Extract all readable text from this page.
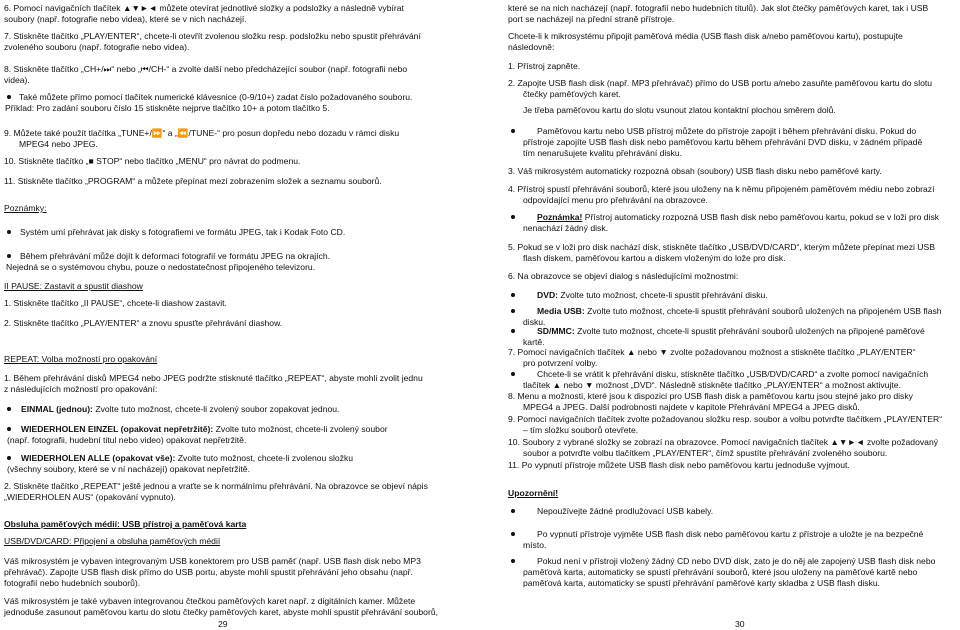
6. Pomocí navigačních tlačítek ▲▼►◄ můžete otevírat jednotlivé složky a podsložky a následně vybírat
soubory (např. fotografie nebo videa), které se v nich nacházejí.
7. Stiskněte tlačítko „PLAY/ENTER“, chcete-li otevřít zvolenou složku resp. podsložku nebo spustit přehrávání
zvoleného souboru (např. fotografie nebo videa).
8. Stiskněte tlačítko „CH+/⏭“ nebo „⏮/CH-“ a zvolte další nebo předcházející soubor (např. fotografii nebo
videa).
Také můžete přímo pomocí tlačítek numerické klávesnice (0-9/10+) zadat číslo požadovaného souboru.
Příklad: Pro zadání souboru číslo 15 stiskněte nejprve tlačítko 10+ a potom tlačítko 5.
9. Můžete také použít tlačítka „TUNE+/⏩“ a „⏪/TUNE-“ pro posun dopředu nebo dozadu v rámci disku
MPEG4 nebo JPEG.
10. Stiskněte tlačítko „■ STOP“ nebo tlačítko „MENU“ pro návrat do podmenu.
11. Stiskněte tlačítko „PROGRAM“ a můžete přepínat mezi zobrazením složek a seznamu souborů.
Poznámky:
Systém umí přehrávat jak disky s fotografiemi ve formátu JPEG, tak i Kodak Foto CD.
Během přehrávání může dojít k deformaci fotografií ve formátu JPEG na okrajích.
Nejedná se o systémovou chybu, pouze o nedostatečnost připojeného televizoru.
II PAUSE: Zastavit a spustit diashow
1. Stiskněte tlačítko „II PAUSE“, chcete-li diashow zastavit.
2. Stiskněte tlačítko „PLAY/ENTER“ a znovu spusťte přehrávání diashow.
REPEAT: Volba možností pro opakování
1. Během přehrávání disků MPEG4 nebo JPEG podržte stisknuté tlačítko „REPEAT“, abyste mohli zvolit jednu
z následujících možností pro opakování:
EINMAL (jednou): Zvolte tuto možnost, chcete-li zvolený soubor zopakovat jednou.
WIEDERHOLEN EINZEL (opakovat nepřetržitě): Zvolte tuto možnost, chcete-li zvolený soubor
(např. fotografii, hudební titul nebo video) opakovat nepřetržitě.
WIEDERHOLEN ALLE (opakovat vše): Zvolte tuto možnost, chcete-li zvolenou složku
(všechny soubory, které se v ní nacházejí) opakovat nepřetržitě.
2. Stiskněte tlačítko „REPEAT“ ještě jednou a vraťte se k normálnímu přehrávání. Na obrazovce se objeví nápis
„WIEDERHOLEN AUS“ (opakování vypnuto).
Obsluha paměťových médií: USB přístroj a paměťová karta
USB/DVD/CARD: Připojení a obsluha paměťových médií
Váš mikrosystém je vybaven integrovaným USB konektorem pro USB paměť (např. USB flash disk nebo MP3
přehrávač). Zapojte USB flash disk přímo do USB portu, abyste mohli spustit přehrávání jeho obsahu (např.
fotografií nebo hudebních souborů).
Váš mikrosystém je také vybaven integrovanou čtečkou paměťových karet např. z digitálních kamer. Můžete
jednoduše zasunout paměťovou kartu do slotu čtečky paměťových karet, abyste mohli spustit přehrávání souborů,
které se na nich nacházejí (např. fotografií nebo hudebních titulů). Jak slot čtečky paměťových karet, tak i USB
port se nacházejí na přední straně přístroje.
Chcete-li k mikrosystému připojit paměťová média (USB flash disk a/nebo paměťovou kartu), postupujte
následovně:
1. Přístroj zapněte.
2. Zapojte USB flash disk (např. MP3 přehrávač) přímo do USB portu a/nebo zasuňte paměťovou kartu do slotu
čtečky paměťových karet.
Je třeba paměťovou kartu do slotu vsunout zlatou kontaktní plochou směrem dolů.
Paměťovou kartu nebo USB přístroj můžete do přístroje zapojit i během přehrávání disku. Pokud do
přístroje zapojíte USB flash disk nebo paměťovou kartu během přehrávání DVD disku, v žádném případě
tím nenarušujete kvalitu přehrávání disku.
3. Váš mikrosystém automaticky rozpozná obsah (soubory) USB flash disku nebo paměťové karty.
4. Přístroj spustí přehrávání souborů, které jsou uloženy na k němu připojeném paměťovém médiu nebo zobrazí
odpovídající menu pro přehrávání na obrazovce.
Poznámka! Přístroj automaticky rozpozná USB flash disk nebo paměťovou kartu, pokud se v loži pro disk
nenachází žádný disk.
5. Pokud se v loži pro disk nachází disk, stiskněte tlačítko „USB/DVD/CARD“, kterým můžete přepínat mezi USB
flash diskem, paměťovou kartou a diskem vloženým do lože pro disk.
6. Na obrazovce se objeví dialog s následujícími možnostmi:
DVD: Zvolte tuto možnost, chcete-li spustit přehrávání disku.
Media USB: Zvolte tuto možnost, chcete-li spustit přehrávání souborů uložených na připojeném USB flash
disku.
SD/MMC: Zvolte tuto možnost, chcete-li spustit přehrávání souborů uložených na připojené paměťové
kartě.
7. Pomocí navigačních tlačítek ▲ nebo ▼ zvolte požadovanou možnost a stiskněte tlačítko „PLAY/ENTER“
pro potvrzení volby.
Chcete-li se vrátit k přehrávání disku, stiskněte tlačítko „USB/DVD/CARD“ a zvolte pomocí navigačních
tlačítek ▲ nebo ▼ možnost „DVD“. Následně stiskněte tlačítko „PLAY/ENTER“ a možnost aktivujte.
8. Menu a možnosti, které jsou k dispozici pro USB flash disk a paměťovou kartu jsou stejné jako pro disky
MPEG4 a JPEG. Další podrobnosti najdete v kapitole Přehrávání MPEG4 a JPEG disků.
9. Pomocí navigačních tlačítek zvolte požadovanou složku resp. soubor a volbu potvrďte tlačítkem „PLAY/ENTER“
– tím složku souborů otevřete.
10. Soubory z vybrané složky se zobrazí na obrazovce. Pomocí navigačních tlačítek ▲▼►◄ zvolte požadovaný
soubor a potvrďte volbu tlačítkem „PLAY/ENTER“, čímž spustíte přehrávání zvoleného souboru.
11. Po vypnutí přístroje můžete USB flash disk nebo paměťovou kartu jednoduše vyjmout.
Upozornění!
Nepoužívejte žádné prodlužovací USB kabely.
Po vypnutí přístroje vyjměte USB flash disk nebo paměťovou kartu z přístroje a uložte je na bezpečné
místo.
Pokud není v přístroji vložený žádný CD nebo DVD disk, zato je do něj ale zapojený USB flash disk nebo
paměťová karta, automaticky se spustí přehrávání souborů, které jsou uloženy na paměťové kartě nebo
paměťová karta, automaticky se spustí přehrávání paměťové karty skladba z USB flash disku.
29	30
